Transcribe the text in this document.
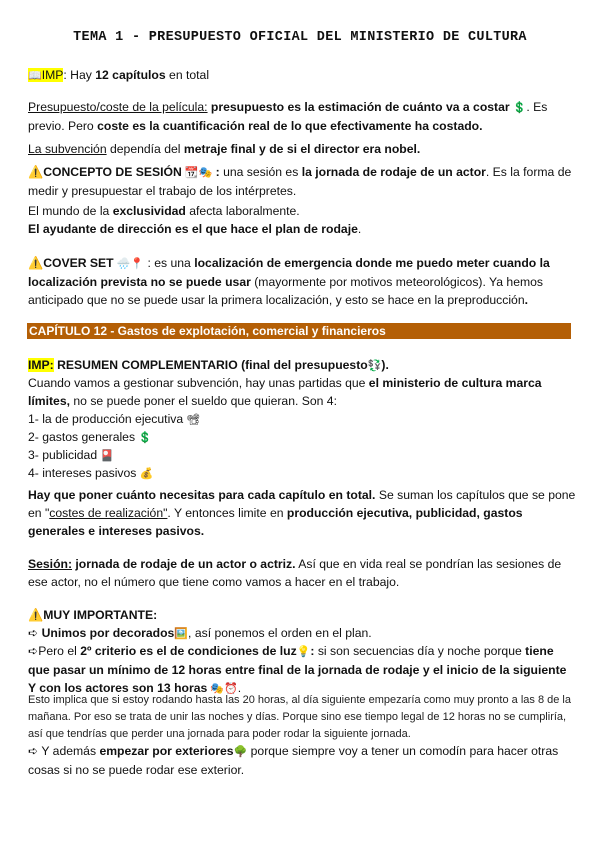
TEMA 1 - PRESUPUESTO OFICIAL DEL MINISTERIO DE CULTURA

📖IMP: Hay 12 capítulos en total

Presupuesto/coste de la película: presupuesto es la estimación de cuánto va a costar 💲. Es previo. Pero coste es la cuantificación real de lo que efectivamente ha costado.

La subvención dependía del metraje final y de si el director era nobel.

⚠️CONCEPTO DE SESIÓN 📆🎭 : una sesión es la jornada de rodaje de un actor. Es la forma de medir y presupuestar el trabajo de los intérpretes.

El mundo de la exclusividad afecta laboralmente.

El ayudante de dirección es el que hace el plan de rodaje.

⚠️COVER SET 🌧️📍 : es una localización de emergencia donde me puedo meter cuando la localización prevista no se puede usar (mayormente por motivos meteorológicos). Ya hemos anticipado que no se puede usar la primera localización, y esto se hace en la preproducción.

CAPÍTULO 12 - Gastos de explotación, comercial y financieros

IMP: RESUMEN COMPLEMENTARIO (final del presupuesto💱).

Cuando vamos a gestionar subvención, hay unas partidas que el ministerio de cultura marca límites, no se puede poner el sueldo que quieran. Son 4:

1- la de producción ejecutiva 📽

2- gastos generales 💲

3- publicidad 🎴

4- intereses pasivos 💰

Hay que poner cuánto necesitas para cada capítulo en total. Se suman los capítulos que se pone en "costes de realización". Y entonces limite en producción ejecutiva, publicidad, gastos generales e intereses pasivos.

Sesión: jornada de rodaje de un actor o actriz. Así que en vida real se pondrían las sesiones de ese actor, no el número que tiene como vamos a hacer en el trabajo.

⚠️MUY IMPORTANTE:

➪ Unimos por decorados🖼️, así ponemos el orden en el plan.

➪Pero el 2º criterio es el de condiciones de luz💡: si son secuencias día y noche porque tiene que pasar un mínimo de 12 horas entre final de la jornada de rodaje y el inicio de la siguiente Y con los actores son 13 horas 🎭⏰.

Esto implica que si estoy rodando hasta las 20 horas, al día siguiente empezaría como muy pronto a las 8 de la mañana. Por eso se trata de unir las noches y días. Porque sino ese tiempo legal de 12 horas no se cumpliría, así que tendrías que perder una jornada para poder rodar la siguiente jornada.

➪ Y además empezar por exteriores🌳 porque siempre voy a tener un comodín para hacer otras cosas si no se puede rodar ese exterior.
